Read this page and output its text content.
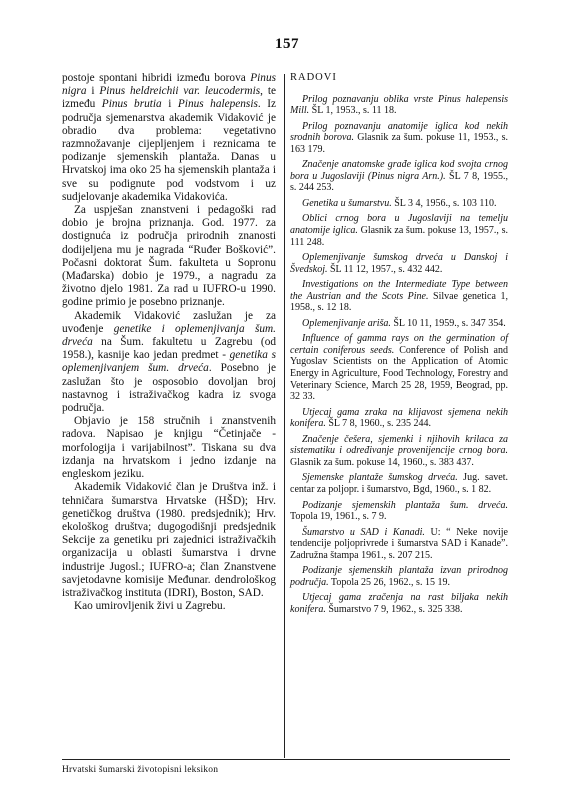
157

postoje spontani hibridi između borova Pinus nigra i Pinus heldreichii var. leucodermis, te između Pinus brutia i Pinus halepensis. Iz područja sjemenarstva akademik Vidaković je obradio dva problema: vegetativno razmnožavanje cijepljenjem i reznicama te podizanje sjemenskih plantaža. Danas u Hrvatskoj ima oko 25 ha sjemenskih plantaža i sve su podignute pod vodstvom i uz sudjelovanje akademika Vidakovića.

Za uspješan znanstveni i pedagoški rad dobio je brojna priznanja. God. 1977. za dostignuća iz područja prirodnih znanosti dodijeljena mu je nagrada “Ruđer Bošković”. Počasni doktorat Šum. fakulteta u Sopronu (Mađarska) dobio je 1979., a nagradu za životno djelo 1981. Za rad u IUFRO-u 1990. godine primio je posebno priznanje.

Akademik Vidaković zaslužan je za uvođenje genetike i oplemenjivanja šum. drveća na Šum. fakultetu u Zagrebu (od 1958.), kasnije kao jedan predmet - genetika s oplemenjivanjem šum. drveća. Posebno je zaslužan što je osposobio dovoljan broj nastavnog i istraživačkog kadra iz svoga područja.

Objavio je 158 stručnih i znanstvenih radova. Napisao je knjigu “Četinjače - morfologija i varijabilnost”. Tiskana su dva izdanja na hrvatskom i jedno izdanje na engleskom jeziku.

Akademik Vidaković član je Društva inž. i tehničara šumarstva Hrvatske (HŠD); Hrv. genetičkog društva (1980. predsjednik); Hrv. ekološkog društva; dugogodišnji predsjednik Sekcije za genetiku pri zajednici istraživačkih organizacija u oblasti šumarstva i drvne industrije Jugosl.; IUFRO-a; član Znanstvene savjetodavne komisije Međunar. dendrološkog istraživačkog instituta (IDRI), Boston, SAD.

Kao umirovljenik živi u Zagrebu.

RADOVI

Prilog poznavanju oblika vrste Pinus halepensis Mill. ŠL 1, 1953., s. 11 18.

Prilog poznavanju anatomije iglica kod nekih srodnih borova. Glasnik za šum. pokuse 11, 1953., s. 163 179.

Značenje anatomske građe iglica kod svojta crnog bora u Jugoslaviji (Pinus nigra Arn.). ŠL 7 8, 1955., s. 244 253.

Genetika u šumarstvu. ŠL 3 4, 1956., s. 103 110.

Oblici crnog bora u Jugoslaviji na temelju anatomije iglica. Glasnik za šum. pokuse 13, 1957., s. 111 248.

Oplemenjivanje šumskog drveća u Danskoj i Švedskoj. ŠL 11 12, 1957., s. 432 442.

Investigations on the Intermediate Type between the Austrian and the Scots Pine. Silvae genetica 1, 1958., s. 12 18.

Oplemenjivanje ariša. ŠL 10 11, 1959., s. 347 354.

Influence of gamma rays on the germination of certain coniferous seeds. Conference of Polish and Yugoslav Scientists on the Application of Atomic Energy in Agriculture, Food Technology, Forestry and Veterinary Science, March 25 28, 1959, Beograd, pp. 32 33.

Utjecaj gama zraka na klijavost sjemena nekih konifera. ŠL 7 8, 1960., s. 235 244.

Značenje češera, sjemenki i njihovih krilaca za sistematiku i određivanje provenijencije crnog bora. Glasnik za šum. pokuse 14, 1960., s. 383 437.

Sjemenske plantaže šumskog drveća. Jug. savet. centar za poljopr. i šumarstvo, Bgd, 1960., s. 1 82.

Podizanje sjemenskih plantaža šum. drveća. Topola 19, 1961., s. 7 9.

Šumarstvo u SAD i Kanadi. U: “ Neke novije tendencije poljoprivrede i šumarstva SAD i Kanade”. Zadružna štampa 1961., s. 207 215.

Podizanje sjemenskih plantaža izvan prirodnog područja. Topola 25 26, 1962., s. 15 19.

Utjecaj gama zračenja na rast biljaka nekih konifera. Šumarstvo 7 9, 1962., s. 325 338.

Hrvatski šumarski životopisni leksikon
